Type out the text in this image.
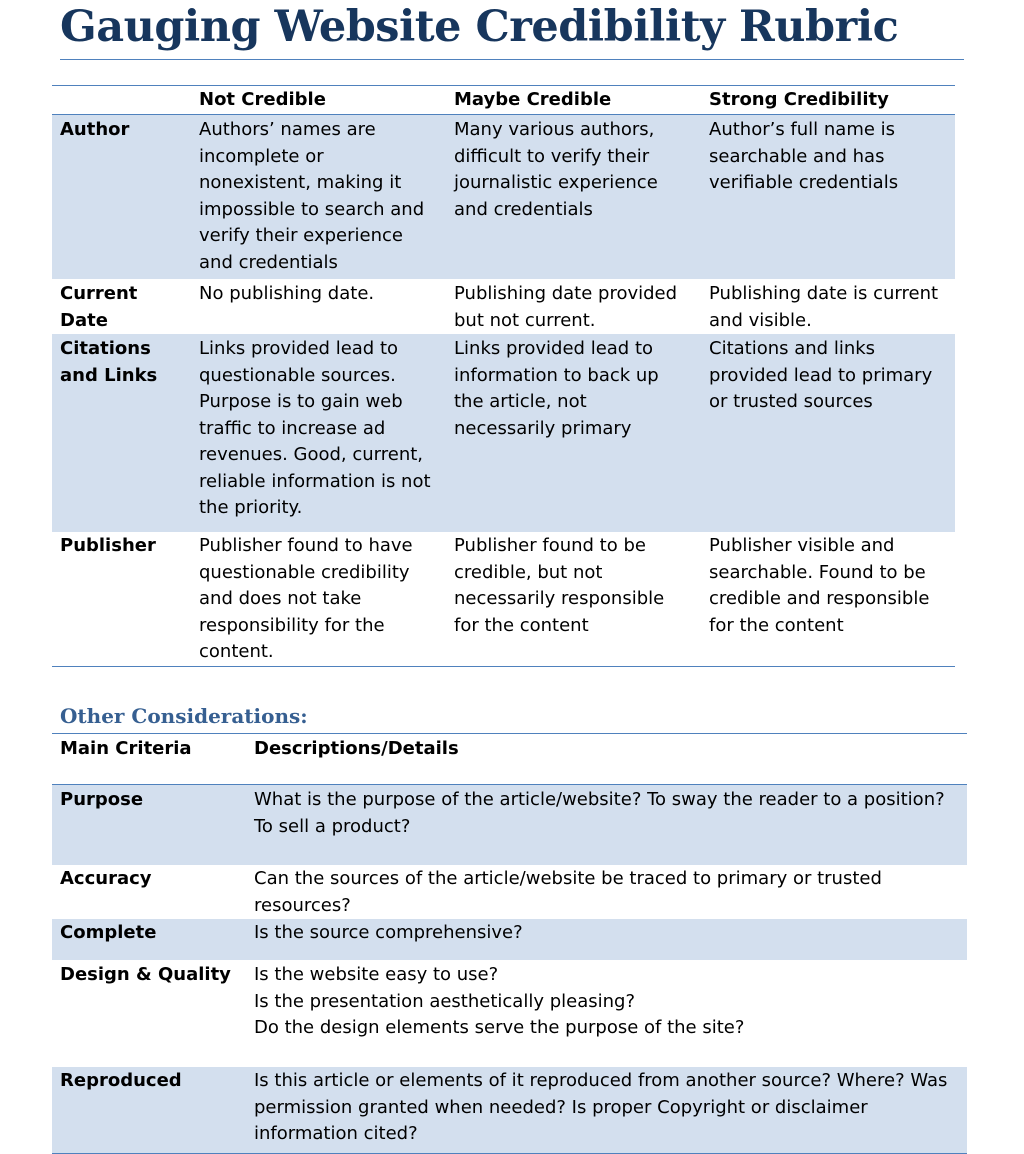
Gauging Website Credibility Rubric
	Not Credible	Maybe Credible	Strong Credibility
Author	Authors’ names are incomplete or nonexistent, making it impossible to search and verify their experience and credentials	Many various authors, difficult to verify their journalistic experience and credentials	Author’s full name is searchable and has verifiable credentials
Current Date	No publishing date.	Publishing date provided but not current.	Publishing date is current and visible.
Citations and Links	Links provided lead to questionable sources. Purpose is to gain web traffic to increase ad revenues. Good, current, reliable information is not the priority.	Links provided lead to information to back up the article, not necessarily primary	Citations and links provided lead to primary or trusted sources
Publisher	Publisher found to have questionable credibility and does not take responsibility for the content.	Publisher found to be credible, but not necessarily responsible for the content	Publisher visible and searchable. Found to be credible and responsible for the content
Other Considerations:
Main Criteria	Descriptions/Details
Purpose	What is the purpose of the article/website? To sway the reader to a position? To sell a product?
Accuracy	Can the sources of the article/website be traced to primary or trusted resources?
Complete	Is the source comprehensive?
Design & Quality	Is the website easy to use?
Is the presentation aesthetically pleasing?
Do the design elements serve the purpose of the site?

Reproduced	Is this article or elements of it reproduced from another source? Where? Was permission granted when needed? Is proper Copyright or disclaimer information cited?
